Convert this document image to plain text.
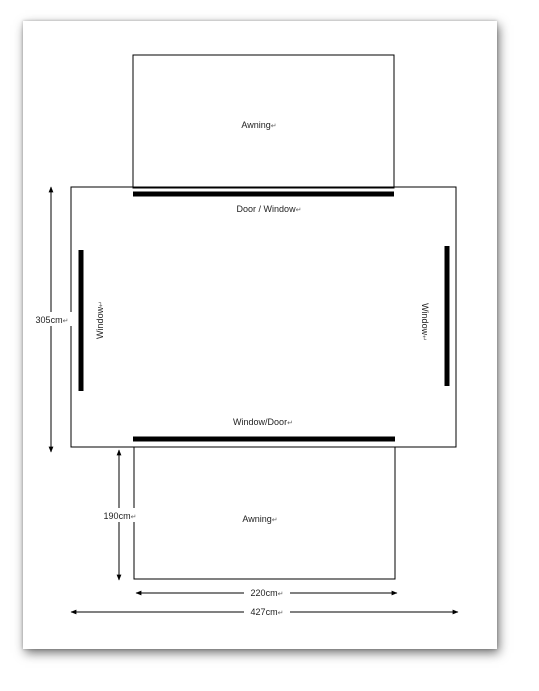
Awning↵
Door / Window↵
Window↵	Window↵
Window/Door↵
Awning↵
305cm↵
190cm↵
220cm↵
427cm↵
